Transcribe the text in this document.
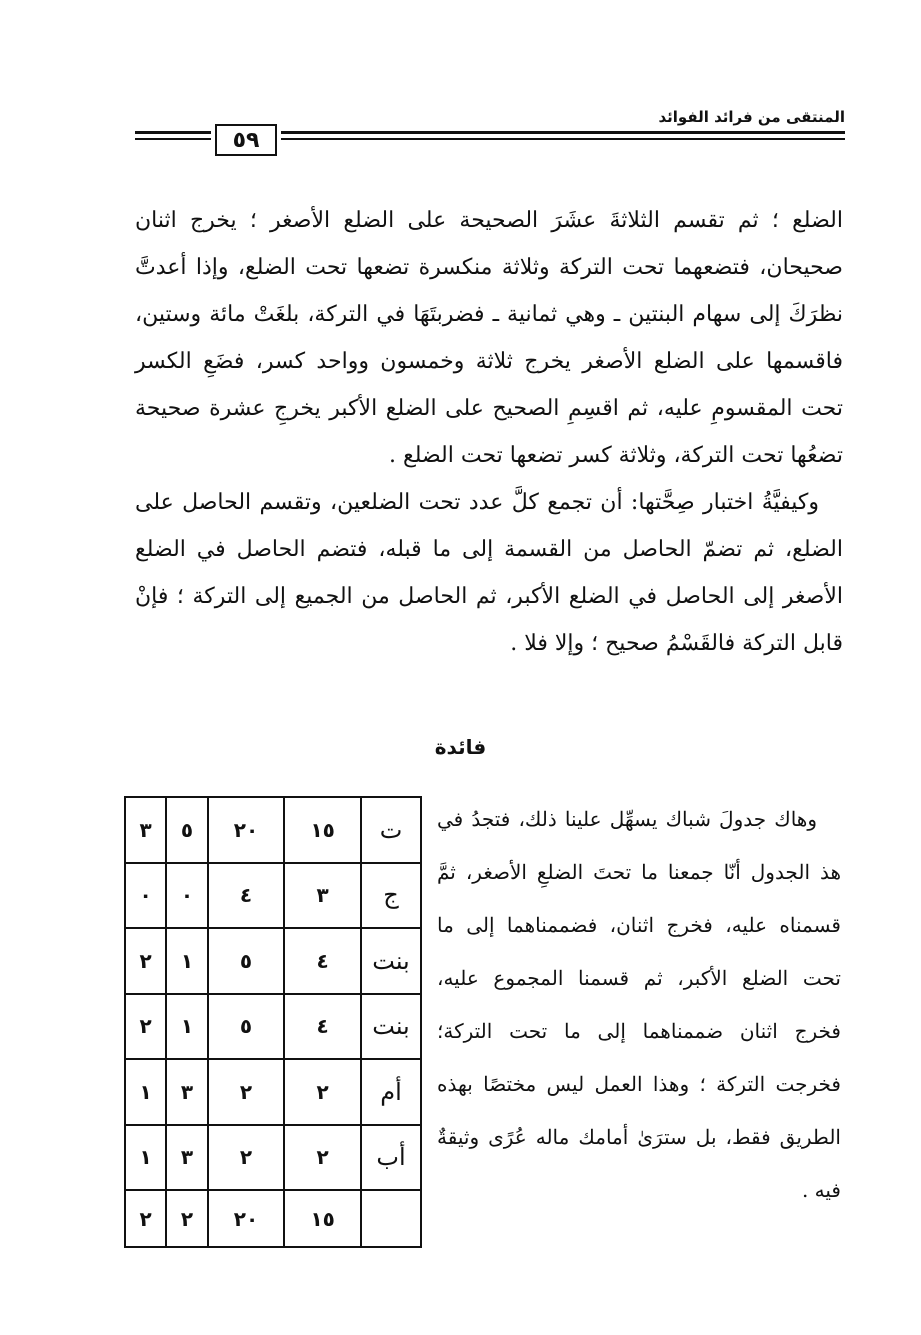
المنتقى من فرائد الفوائد
٥٩

الضلع ؛ ثم تقسم الثلاثةَ عشَرَ الصحيحة على الضلع الأصغر ؛ يخرج اثنان صحيحان، فتضعهما تحت التركة وثلاثة منكسرة تضعها تحت الضلع، وإذا أعدتَّ نظرَكَ إلى سهام البنتين ـ وهي ثمانية ـ فضربتَهَا في التركة، بلغَتْ مائة وستين، فاقسمها على الضلع الأصغر يخرج ثلاثة وخمسون وواحد كسر، فضَعِ الكسر تحت المقسومِ عليه، ثم اقسِمِ الصحيح على الضلع الأكبر يخرجِ عشرة صحيحة تضعُها تحت التركة، وثلاثة كسر تضعها تحت الضلع .

وكيفيَّةُ اختبار صِحَّتها: أن تجمع كلَّ عدد تحت الضلعين، وتقسم الحاصل على الضلع، ثم تضمّ الحاصل من القسمة إلى ما قبله، فتضم الحاصل في الضلع الأصغر إلى الحاصل في الضلع الأكبر، ثم الحاصل من الجميع إلى التركة ؛ فإنْ قابل التركة فالقَسْمُ صحيح ؛ وإلا فلا .

فائدة

وهاك جدولَ شباك يسهِّل علينا ذلك، فتجدُ في هذ الجدول أنّا جمعنا ما تحتَ الضلعِ الأصغر، ثمَّ قسمناه عليه، فخرج اثنان، فضممناهما إلى ما تحت الضلع الأكبر، ثم قسمنا المجموع عليه، فخرج اثنان ضممناهما إلى ما تحت التركة؛ فخرجت التركة ؛ وهذا العمل ليس مختصًا بهذه الطريق فقط، بل سترَىٰ أمامك ماله عُرًى وثيقةٌ فيه .

ت	١٥	٢٠	٥	٣
ج	٣	٤	٠	٠
بنت	٤	٥	١	٢
بنت	٤	٥	١	٢
أم	٢	٢	٣	١
أب	٢	٢	٣	١
	١٥	٢٠	٢	٢
